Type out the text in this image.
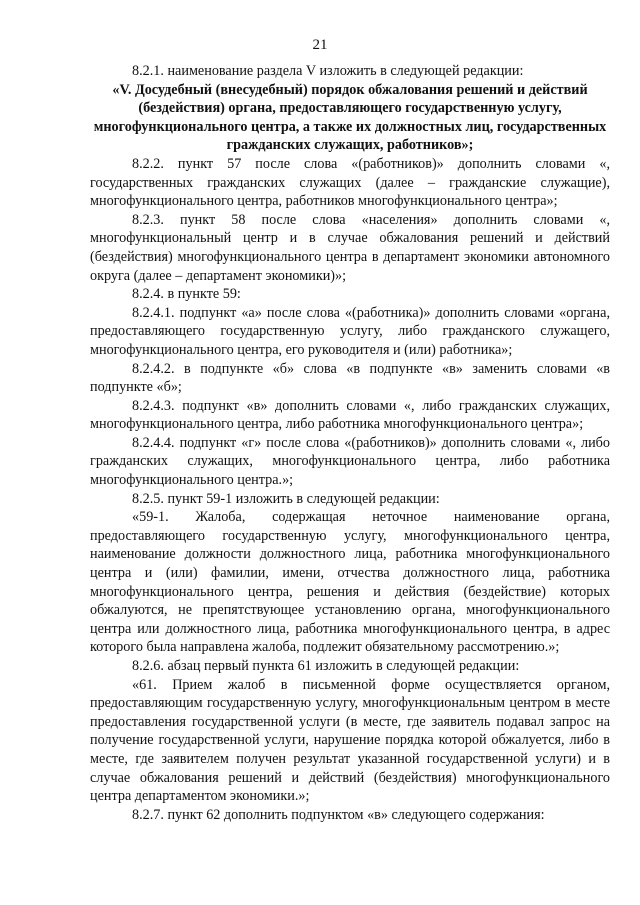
21

8.2.1. наименование раздела V изложить в следующей редакции:

«V. Досудебный (внесудебный) порядок обжалования решений и действий (бездействия) органа, предоставляющего государственную услугу, многофункционального центра, а также их должностных лиц, государственных гражданских служащих, работников»;

8.2.2. пункт 57 после слова «(работников)» дополнить словами «, государственных гражданских служащих (далее – гражданские служащие), многофункционального центра, работников многофункционального центра»;

8.2.3. пункт 58 после слова «населения» дополнить словами «, многофункциональный центр и в случае обжалования решений и действий (бездействия) многофункционального центра в департамент экономики автономного округа (далее – департамент экономики)»;

8.2.4. в пункте 59:

8.2.4.1. подпункт «а» после слова «(работника)» дополнить словами «органа, предоставляющего государственную услугу, либо гражданского служащего, многофункционального центра, его руководителя и (или) работника»;

8.2.4.2. в подпункте «б» слова «в подпункте «в» заменить словами «в подпункте «б»;

8.2.4.3. подпункт «в» дополнить словами «, либо гражданских служащих, многофункционального центра, либо работника многофункционального центра»;

8.2.4.4. подпункт «г» после слова «(работников)» дополнить словами «, либо гражданских служащих, многофункционального центра, либо работника многофункционального центра.»;

8.2.5. пункт 59-1 изложить в следующей редакции:

«59-1. Жалоба, содержащая неточное наименование органа, предоставляющего государственную услугу, многофункционального центра, наименование должности должностного лица, работника многофункционального центра и (или) фамилии, имени, отчества должностного лица, работника многофункционального центра, решения и действия (бездействие) которых обжалуются, не препятствующее установлению органа, многофункционального центра или должностного лица, работника многофункционального центра, в адрес которого была направлена жалоба, подлежит обязательному рассмотрению.»;

8.2.6. абзац первый пункта 61 изложить в следующей редакции:

«61. Прием жалоб в письменной форме осуществляется органом, предоставляющим государственную услугу, многофункциональным центром в месте предоставления государственной услуги (в месте, где заявитель подавал запрос на получение государственной услуги, нарушение порядка которой обжалуется, либо в месте, где заявителем получен результат указанной государственной услуги) и в случае обжалования решений и действий (бездействия) многофункционального центра департаментом экономики.»;

8.2.7. пункт 62 дополнить подпунктом «в» следующего содержания:
